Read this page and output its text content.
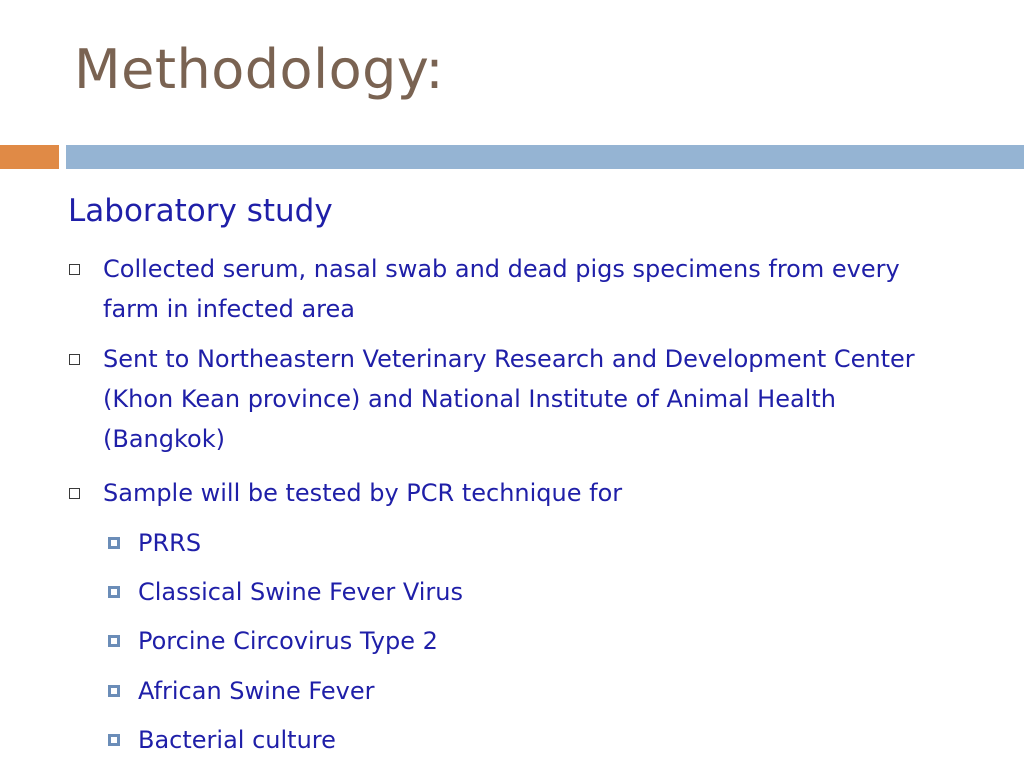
Methodology:
Laboratory study
Collected serum, nasal swab and dead pigs specimens from every farm in infected area
Sent to Northeastern Veterinary Research and Development Center (Khon Kean province) and National Institute of Animal Health (Bangkok)
Sample will be tested by PCR technique for
PRRS
Classical Swine Fever Virus
Porcine Circovirus Type 2
African Swine Fever
Bacterial culture
